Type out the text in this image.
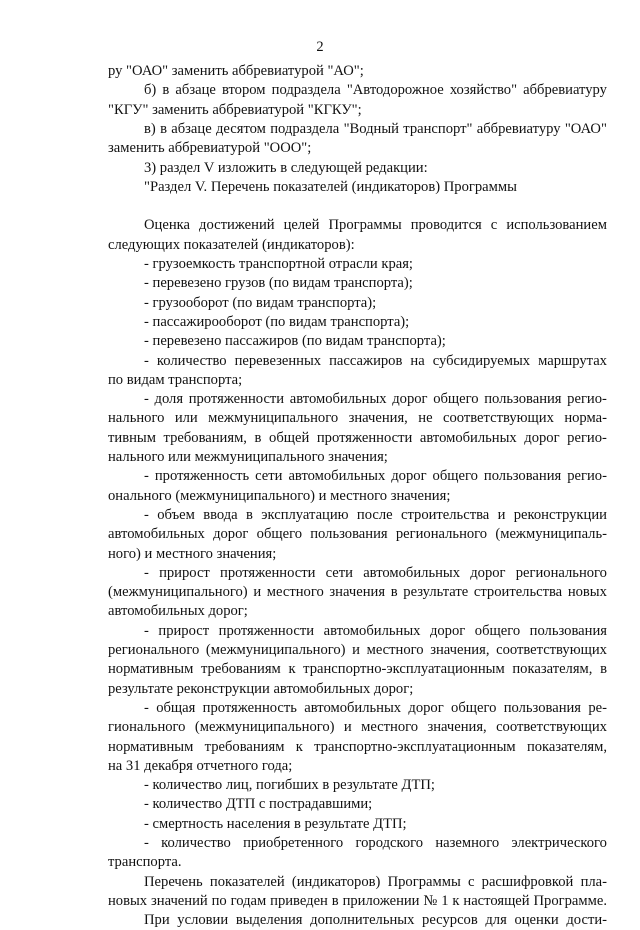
2
ру "ОАО" заменить аббревиатурой "АО";
б) в абзаце втором подраздела "Автодорожное хозяйство" аббревиатуру
"КГУ" заменить аббревиатурой "КГКУ";
в) в абзаце десятом подраздела "Водный транспорт" аббревиатуру "ОАО"
заменить аббревиатурой "ООО";
3) раздел V изложить в следующей редакции:
"Раздел V. Перечень показателей (индикаторов) Программы
Оценка достижений целей Программы проводится с использованием
следующих показателей (индикаторов):
- грузоемкость транспортной отрасли края;
- перевезено грузов (по видам транспорта);
- грузооборот (по видам транспорта);
- пассажирооборот (по видам транспорта);
- перевезено пассажиров (по видам транспорта);
- количество перевезенных пассажиров на субсидируемых маршрутах
по видам транспорта;
- доля протяженности автомобильных дорог общего пользования регио-
нального или межмуниципального значения, не соответствующих норма-
тивным требованиям, в общей протяженности автомобильных дорог регио-
нального или межмуниципального значения;
- протяженность сети автомобильных дорог общего пользования регио-
онального (межмуниципального) и местного значения;
- объем ввода в эксплуатацию после строительства и реконструкции
автомобильных дорог общего пользования регионального (межмуниципаль-
ного) и местного значения;
- прирост протяженности сети автомобильных дорог регионального
(межмуниципального) и местного значения в результате строительства новых
автомобильных дорог;
- прирост протяженности автомобильных дорог общего пользования
регионального (межмуниципального) и местного значения, соответствующих
нормативным требованиям к транспортно-эксплуатационным показателям, в
результате реконструкции автомобильных дорог;
- общая протяженность автомобильных дорог общего пользования ре-
гионального (межмуниципального) и местного значения, соответствующих
нормативным требованиям к транспортно-эксплуатационным показателям,
на 31 декабря отчетного года;
- количество лиц, погибших в результате ДТП;
- количество ДТП с пострадавшими;
- смертность населения в результате ДТП;
- количество приобретенного городского наземного электрического
транспорта.
Перечень показателей (индикаторов) Программы с расшифровкой пла-
новых значений по годам приведен в приложении № 1 к настоящей Программе.
При условии выделения дополнительных ресурсов для оценки дости-
